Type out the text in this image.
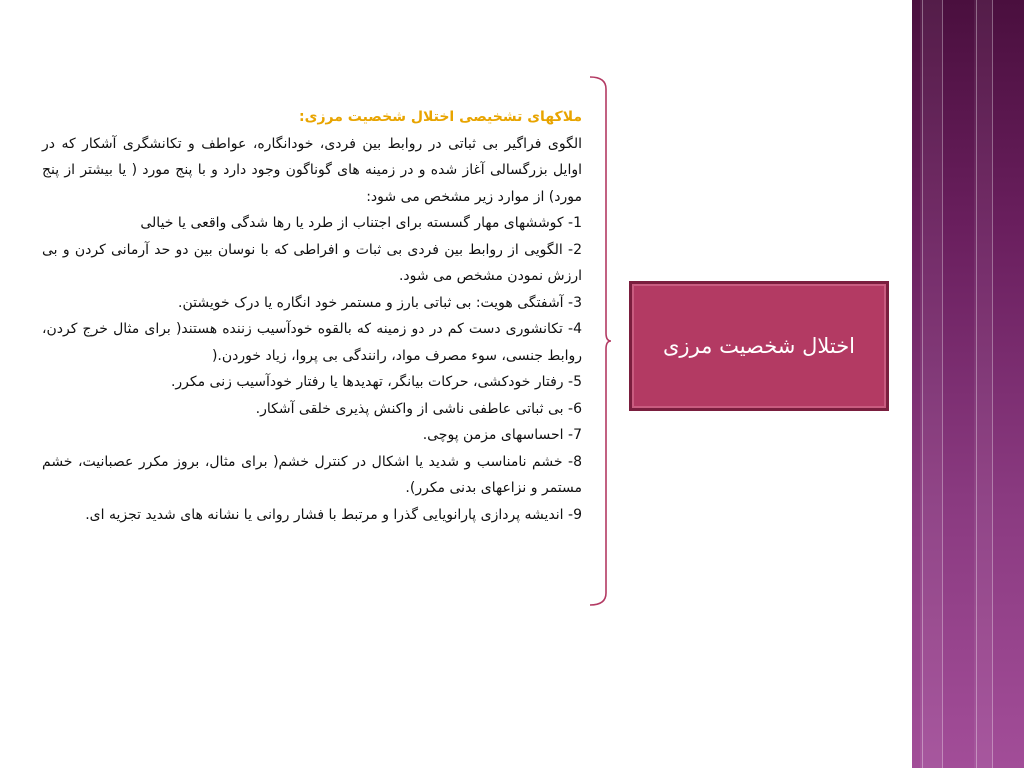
ملاکهای تشخیصی اختلال شخصیت مرزی:

الگوی فراگیر بی ثباتی در روابط بین فردی، خودانگاره، عواطف و تکانشگری آشکار که در اوایل بزرگسالی آغاز شده و در زمینه های گوناگون وجود دارد و با پنج مورد ( یا بیشتر از پنج مورد) از موارد زیر مشخص می شود:

1- کوششهای مهار گسسته برای اجتناب از طرد یا رها شدگی واقعی یا خیالی

2- الگویی از روابط بین فردی بی ثبات و افراطی که با نوسان بین دو حد آرمانی کردن و بی ارزش نمودن مشخص می شود.

3- آشفتگی هویت: بی ثباتی بارز و مستمر خود انگاره یا درک خویشتن.

4- تکانشوری دست کم در دو زمینه که بالقوه خودآسیب زننده هستند( برای مثال خرج کردن، روابط جنسی، سوء مصرف مواد، رانندگی بی پروا، زیاد خوردن.(

5- رفتار خودکشی، حرکات بیانگر، تهدیدها یا رفتار خودآسیب زنی مکرر.

6- بی ثباتی عاطفی ناشی از واکنش پذیری خلقی آشکار.

7- احساسهای مزمن پوچی.

8- خشم نامناسب و شدید یا اشکال در کنترل خشم( برای مثال، بروز مکرر عصبانیت، خشم مستمر و نزاعهای بدنی مکرر).

9- اندیشه پردازی پارانویایی گذرا و مرتبط با فشار روانی یا نشانه های شدید تجزیه ای.

اختلال شخصیت مرزی
